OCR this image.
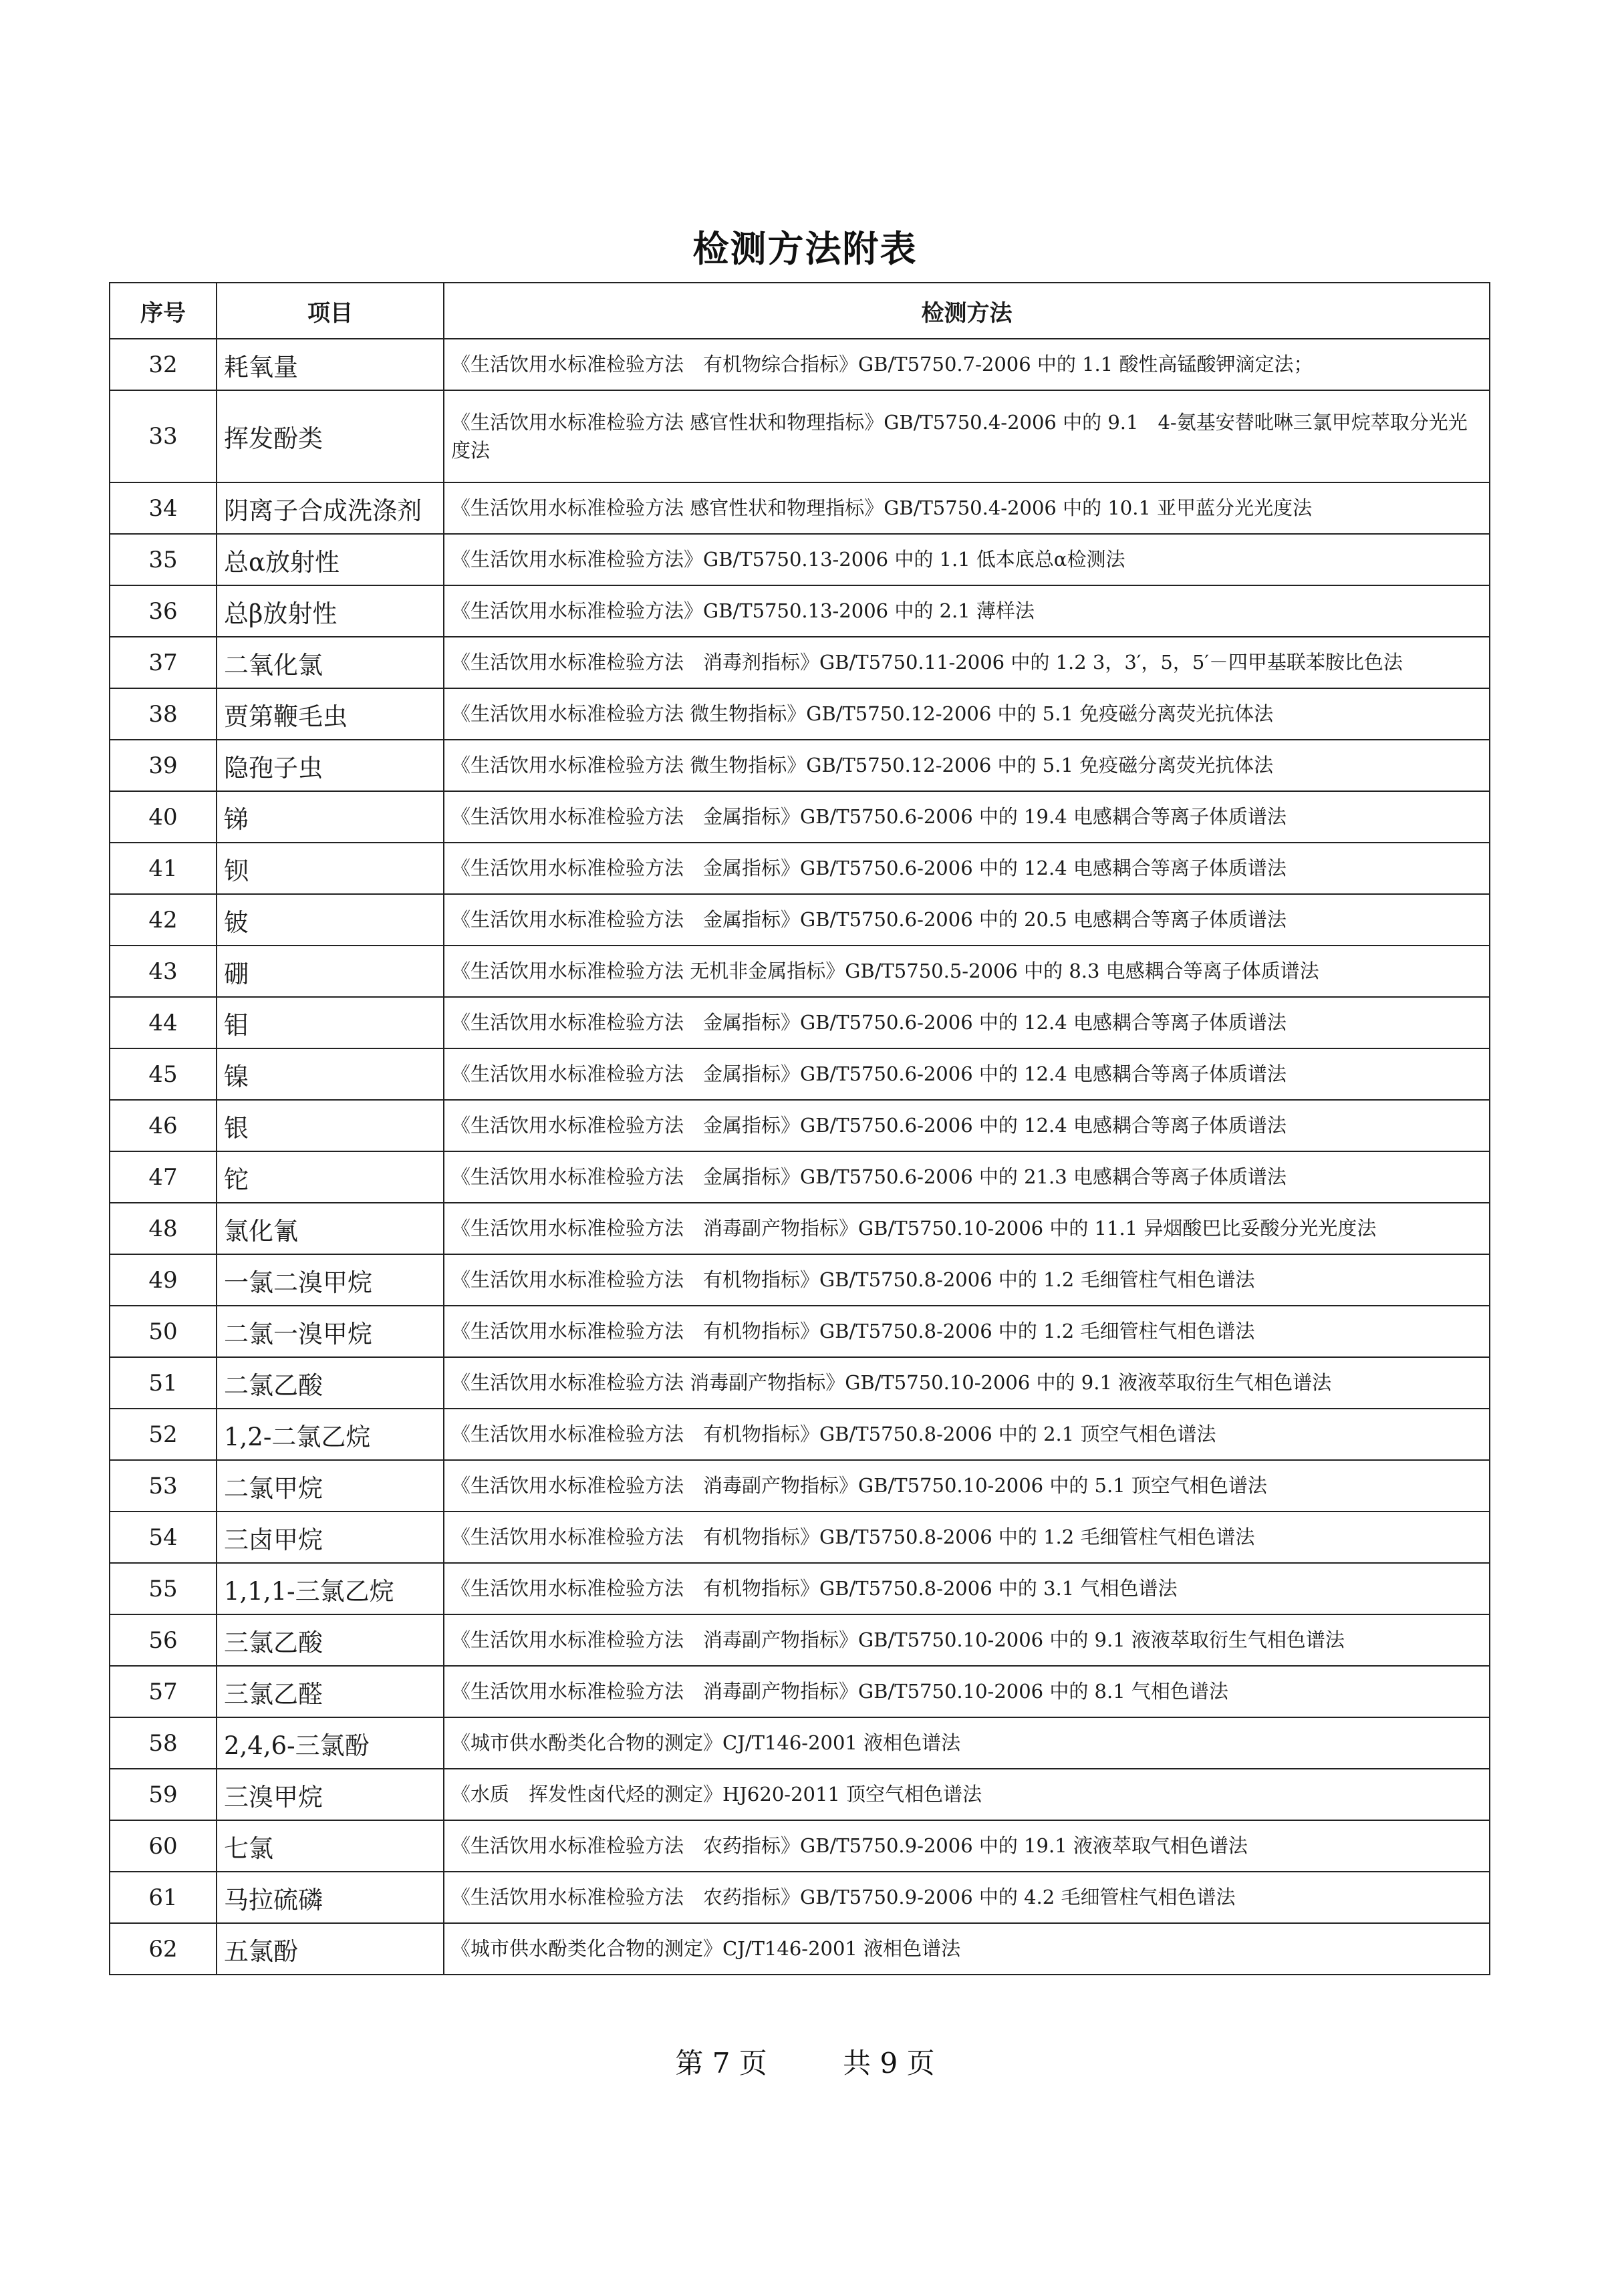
检测方法附表
序号	项目	检测方法
32	耗氧量	《生活饮用水标准检验方法　有机物综合指标》GB/T5750.7-2006 中的 1.1 酸性高锰酸钾滴定法；
33	挥发酚类	《生活饮用水标准检验方法 感官性状和物理指标》GB/T5750.4-2006 中的 9.1　4-氨基安替吡啉三氯甲烷萃取分光光度法
34	阴离子合成洗涤剂	《生活饮用水标准检验方法 感官性状和物理指标》GB/T5750.4-2006 中的 10.1 亚甲蓝分光光度法
35	总α放射性	《生活饮用水标准检验方法》GB/T5750.13-2006 中的 1.1 低本底总α检测法
36	总β放射性	《生活饮用水标准检验方法》GB/T5750.13-2006 中的 2.1 薄样法
37	二氧化氯	《生活饮用水标准检验方法　消毒剂指标》GB/T5750.11-2006 中的 1.2 3，3′，5，5′－四甲基联苯胺比色法
38	贾第鞭毛虫	《生活饮用水标准检验方法 微生物指标》GB/T5750.12-2006 中的 5.1 免疫磁分离荧光抗体法
39	隐孢子虫	《生活饮用水标准检验方法 微生物指标》GB/T5750.12-2006 中的 5.1 免疫磁分离荧光抗体法
40	锑	《生活饮用水标准检验方法　金属指标》GB/T5750.6-2006 中的 19.4 电感耦合等离子体质谱法
41	钡	《生活饮用水标准检验方法　金属指标》GB/T5750.6-2006 中的 12.4 电感耦合等离子体质谱法
42	铍	《生活饮用水标准检验方法　金属指标》GB/T5750.6-2006 中的 20.5 电感耦合等离子体质谱法
43	硼	《生活饮用水标准检验方法 无机非金属指标》GB/T5750.5-2006 中的 8.3 电感耦合等离子体质谱法
44	钼	《生活饮用水标准检验方法　金属指标》GB/T5750.6-2006 中的 12.4 电感耦合等离子体质谱法
45	镍	《生活饮用水标准检验方法　金属指标》GB/T5750.6-2006 中的 12.4 电感耦合等离子体质谱法
46	银	《生活饮用水标准检验方法　金属指标》GB/T5750.6-2006 中的 12.4 电感耦合等离子体质谱法
47	铊	《生活饮用水标准检验方法　金属指标》GB/T5750.6-2006 中的 21.3 电感耦合等离子体质谱法
48	氯化氰	《生活饮用水标准检验方法　消毒副产物指标》GB/T5750.10-2006 中的 11.1 异烟酸巴比妥酸分光光度法
49	一氯二溴甲烷	《生活饮用水标准检验方法　有机物指标》GB/T5750.8-2006 中的 1.2 毛细管柱气相色谱法
50	二氯一溴甲烷	《生活饮用水标准检验方法　有机物指标》GB/T5750.8-2006 中的 1.2 毛细管柱气相色谱法
51	二氯乙酸	《生活饮用水标准检验方法 消毒副产物指标》GB/T5750.10-2006 中的 9.1 液液萃取衍生气相色谱法
52	1,2-二氯乙烷	《生活饮用水标准检验方法　有机物指标》GB/T5750.8-2006 中的 2.1 顶空气相色谱法
53	二氯甲烷	《生活饮用水标准检验方法　消毒副产物指标》GB/T5750.10-2006 中的 5.1 顶空气相色谱法
54	三卤甲烷	《生活饮用水标准检验方法　有机物指标》GB/T5750.8-2006 中的 1.2 毛细管柱气相色谱法
55	1,1,1-三氯乙烷	《生活饮用水标准检验方法　有机物指标》GB/T5750.8-2006 中的 3.1 气相色谱法
56	三氯乙酸	《生活饮用水标准检验方法　消毒副产物指标》GB/T5750.10-2006 中的 9.1 液液萃取衍生气相色谱法
57	三氯乙醛	《生活饮用水标准检验方法　消毒副产物指标》GB/T5750.10-2006 中的 8.1 气相色谱法
58	2,4,6-三氯酚	《城市供水酚类化合物的测定》CJ/T146-2001 液相色谱法
59	三溴甲烷	《水质　挥发性卤代烃的测定》HJ620-2011 顶空气相色谱法
60	七氯	《生活饮用水标准检验方法　农药指标》GB/T5750.9-2006 中的 19.1 液液萃取气相色谱法
61	马拉硫磷	《生活饮用水标准检验方法　农药指标》GB/T5750.9-2006 中的 4.2 毛细管柱气相色谱法
62	五氯酚	《城市供水酚类化合物的测定》CJ/T146-2001 液相色谱法
第 7 页	共 9 页
